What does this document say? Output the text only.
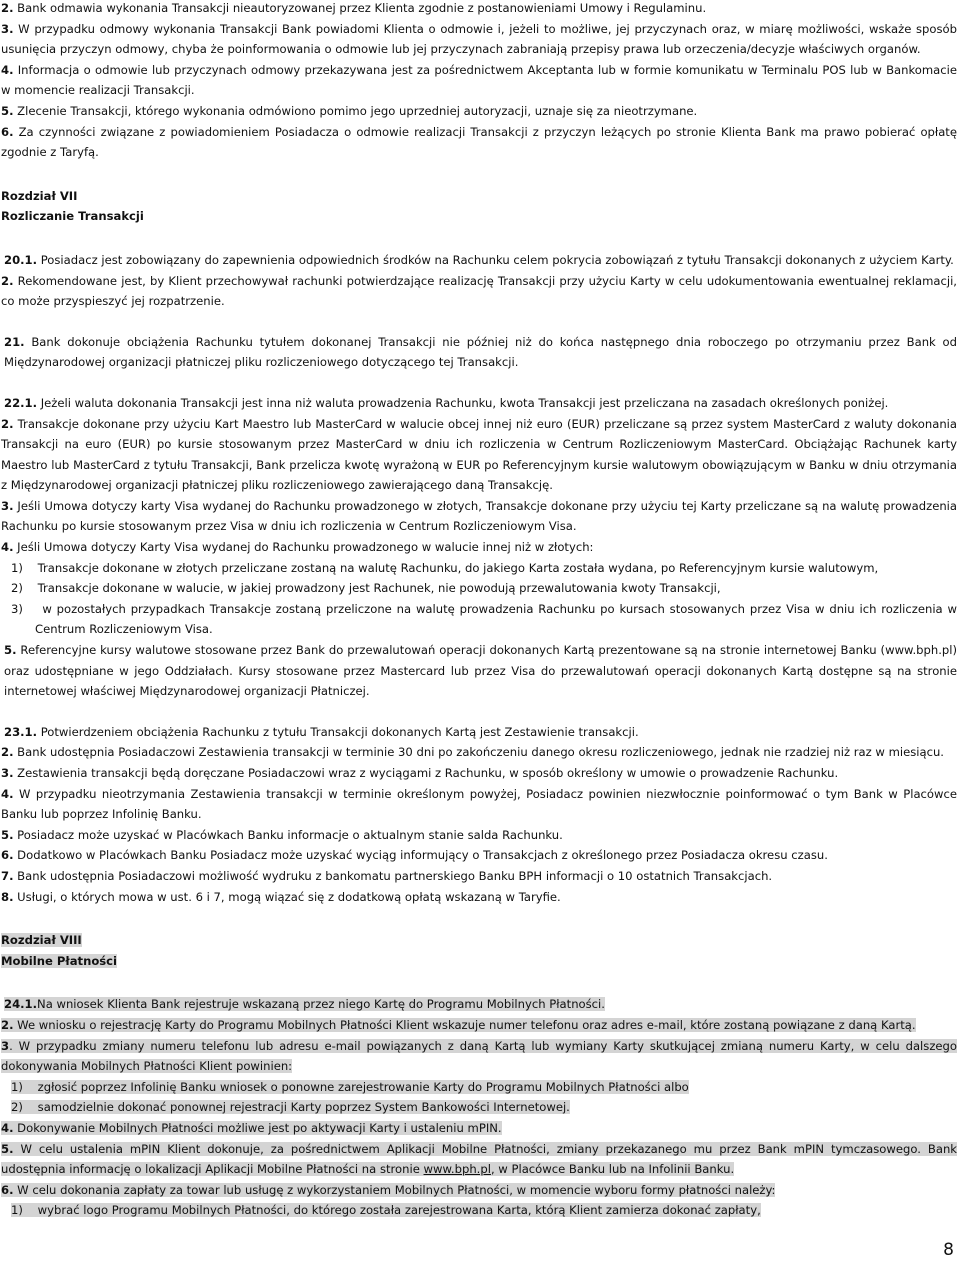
2. Bank odmawia wykonania Transakcji nieautoryzowanej przez Klienta zgodnie z postanowieniami Umowy i Regulaminu.

3. W przypadku odmowy wykonania Transakcji Bank powiadomi Klienta o odmowie i, jeżeli to możliwe, jej przyczynach oraz, w miarę możliwości, wskaże sposób usunięcia przyczyn odmowy, chyba że poinformowania o odmowie lub jej przyczynach zabraniają przepisy prawa lub orzeczenia/decyzje właściwych organów.

4. Informacja o odmowie lub przyczynach odmowy przekazywana jest za pośrednictwem Akceptanta lub w formie komunikatu w Terminalu POS lub w Bankomacie w momencie realizacji Transakcji.

5. Zlecenie Transakcji, którego wykonania odmówiono pomimo jego uprzedniej autoryzacji, uznaje się za nieotrzymane.

6. Za czynności związane z powiadomieniem Posiadacza o odmowie realizacji Transakcji z przyczyn leżących po stronie Klienta Bank ma prawo pobierać opłatę zgodnie z Taryfą.

Rozdział VII

Rozliczanie Transakcji

20.1. Posiadacz jest zobowiązany do zapewnienia odpowiednich środków na Rachunku celem pokrycia zobowiązań z tytułu Transakcji dokonanych z użyciem Karty.

2. Rekomendowane jest, by Klient przechowywał rachunki potwierdzające realizację Transakcji przy użyciu Karty w celu udokumentowania ewentualnej reklamacji, co może przyspieszyć jej rozpatrzenie.

21. Bank dokonuje obciążenia Rachunku tytułem dokonanej Transakcji nie później niż do końca następnego dnia roboczego po otrzymaniu przez Bank od Międzynarodowej organizacji płatniczej pliku rozliczeniowego dotyczącego tej Transakcji.

22.1. Jeżeli waluta dokonania Transakcji jest inna niż waluta prowadzenia Rachunku, kwota Transakcji jest przeliczana na zasadach określonych poniżej.

2. Transakcje dokonane przy użyciu Kart Maestro lub MasterCard w walucie obcej innej niż euro (EUR) przeliczane są przez system MasterCard z waluty dokonania Transakcji na euro (EUR) po kursie stosowanym przez MasterCard w dniu ich rozliczenia w Centrum Rozliczeniowym MasterCard. Obciążając Rachunek karty Maestro lub MasterCard z tytułu Transakcji, Bank przelicza kwotę wyrażoną w EUR po Referencyjnym kursie walutowym obowiązującym w Banku w dniu otrzymania z Międzynarodowej organizacji płatniczej pliku rozliczeniowego zawierającego daną Transakcję.

3. Jeśli Umowa dotyczy karty Visa wydanej do Rachunku prowadzonego w złotych, Transakcje dokonane przy użyciu tej Karty przeliczane są na walutę prowadzenia Rachunku po kursie stosowanym przez Visa w dniu ich rozliczenia w Centrum Rozliczeniowym Visa.

4. Jeśli Umowa dotyczy Karty Visa wydanej do Rachunku prowadzonego w walucie innej niż w złotych:

1) Transakcje dokonane w złotych przeliczane zostaną na walutę Rachunku, do jakiego Karta została wydana, po Referencyjnym kursie walutowym,

2) Transakcje dokonane w walucie, w jakiej prowadzony jest Rachunek, nie powodują przewalutowania kwoty Transakcji,

3) w pozostałych przypadkach Transakcje zostaną przeliczone na walutę prowadzenia Rachunku po kursach stosowanych przez Visa w dniu ich rozliczenia w Centrum Rozliczeniowym Visa.

5. Referencyjne kursy walutowe stosowane przez Bank do przewalutowań operacji dokonanych Kartą prezentowane są na stronie internetowej Banku (www.bph.pl) oraz udostępniane w jego Oddziałach. Kursy stosowane przez Mastercard lub przez Visa do przewalutowań operacji dokonanych Kartą dostępne są na stronie internetowej właściwej Międzynarodowej organizacji Płatniczej.

23.1. Potwierdzeniem obciążenia Rachunku z tytułu Transakcji dokonanych Kartą jest Zestawienie transakcji.

2. Bank udostępnia Posiadaczowi Zestawienia transakcji w terminie 30 dni po zakończeniu danego okresu rozliczeniowego, jednak nie rzadziej niż raz w miesiącu.

3. Zestawienia transakcji będą doręczane Posiadaczowi wraz z wyciągami z Rachunku, w sposób określony w umowie o prowadzenie Rachunku.

4. W przypadku nieotrzymania Zestawienia transakcji w terminie określonym powyżej, Posiadacz powinien niezwłocznie poinformować o tym Bank w Placówce Banku lub poprzez Infolinię Banku.

5. Posiadacz może uzyskać w Placówkach Banku informacje o aktualnym stanie salda Rachunku.

6. Dodatkowo w Placówkach Banku Posiadacz może uzyskać wyciąg informujący o Transakcjach z określonego przez Posiadacza okresu czasu.

7. Bank udostępnia Posiadaczowi możliwość wydruku z bankomatu partnerskiego Banku BPH informacji o 10 ostatnich Transakcjach.

8. Usługi, o których mowa w ust. 6 i 7, mogą wiązać się z dodatkową opłatą wskazaną w Taryfie.

Rozdział VIII

Mobilne Płatności

24.1.Na wniosek Klienta Bank rejestruje wskazaną przez niego Kartę do Programu Mobilnych Płatności.

2. We wniosku o rejestrację Karty do Programu Mobilnych Płatności Klient wskazuje numer telefonu oraz adres e-mail, które zostaną powiązane z daną Kartą.

3. W przypadku zmiany numeru telefonu lub adresu e-mail powiązanych z daną Kartą lub wymiany Karty skutkującej zmianą numeru Karty, w celu dalszego dokonywania Mobilnych Płatności Klient powinien:

1) zgłosić poprzez Infolinię Banku wniosek o ponowne zarejestrowanie Karty do Programu Mobilnych Płatności albo

2) samodzielnie dokonać ponownej rejestracji Karty poprzez System Bankowości Internetowej.

4. Dokonywanie Mobilnych Płatności możliwe jest po aktywacji Karty i ustaleniu mPIN.

5. W celu ustalenia mPIN Klient dokonuje, za pośrednictwem Aplikacji Mobilne Płatności, zmiany przekazanego mu przez Bank mPIN tymczasowego. Bank udostępnia informację o lokalizacji Aplikacji Mobilne Płatności na stronie www.bph.pl, w Placówce Banku lub na Infolinii Banku.

6. W celu dokonania zapłaty za towar lub usługę z wykorzystaniem Mobilnych Płatności, w momencie wyboru formy płatności należy:

1) wybrać logo Programu Mobilnych Płatności, do którego została zarejestrowana Karta, którą Klient zamierza dokonać zapłaty,

8
